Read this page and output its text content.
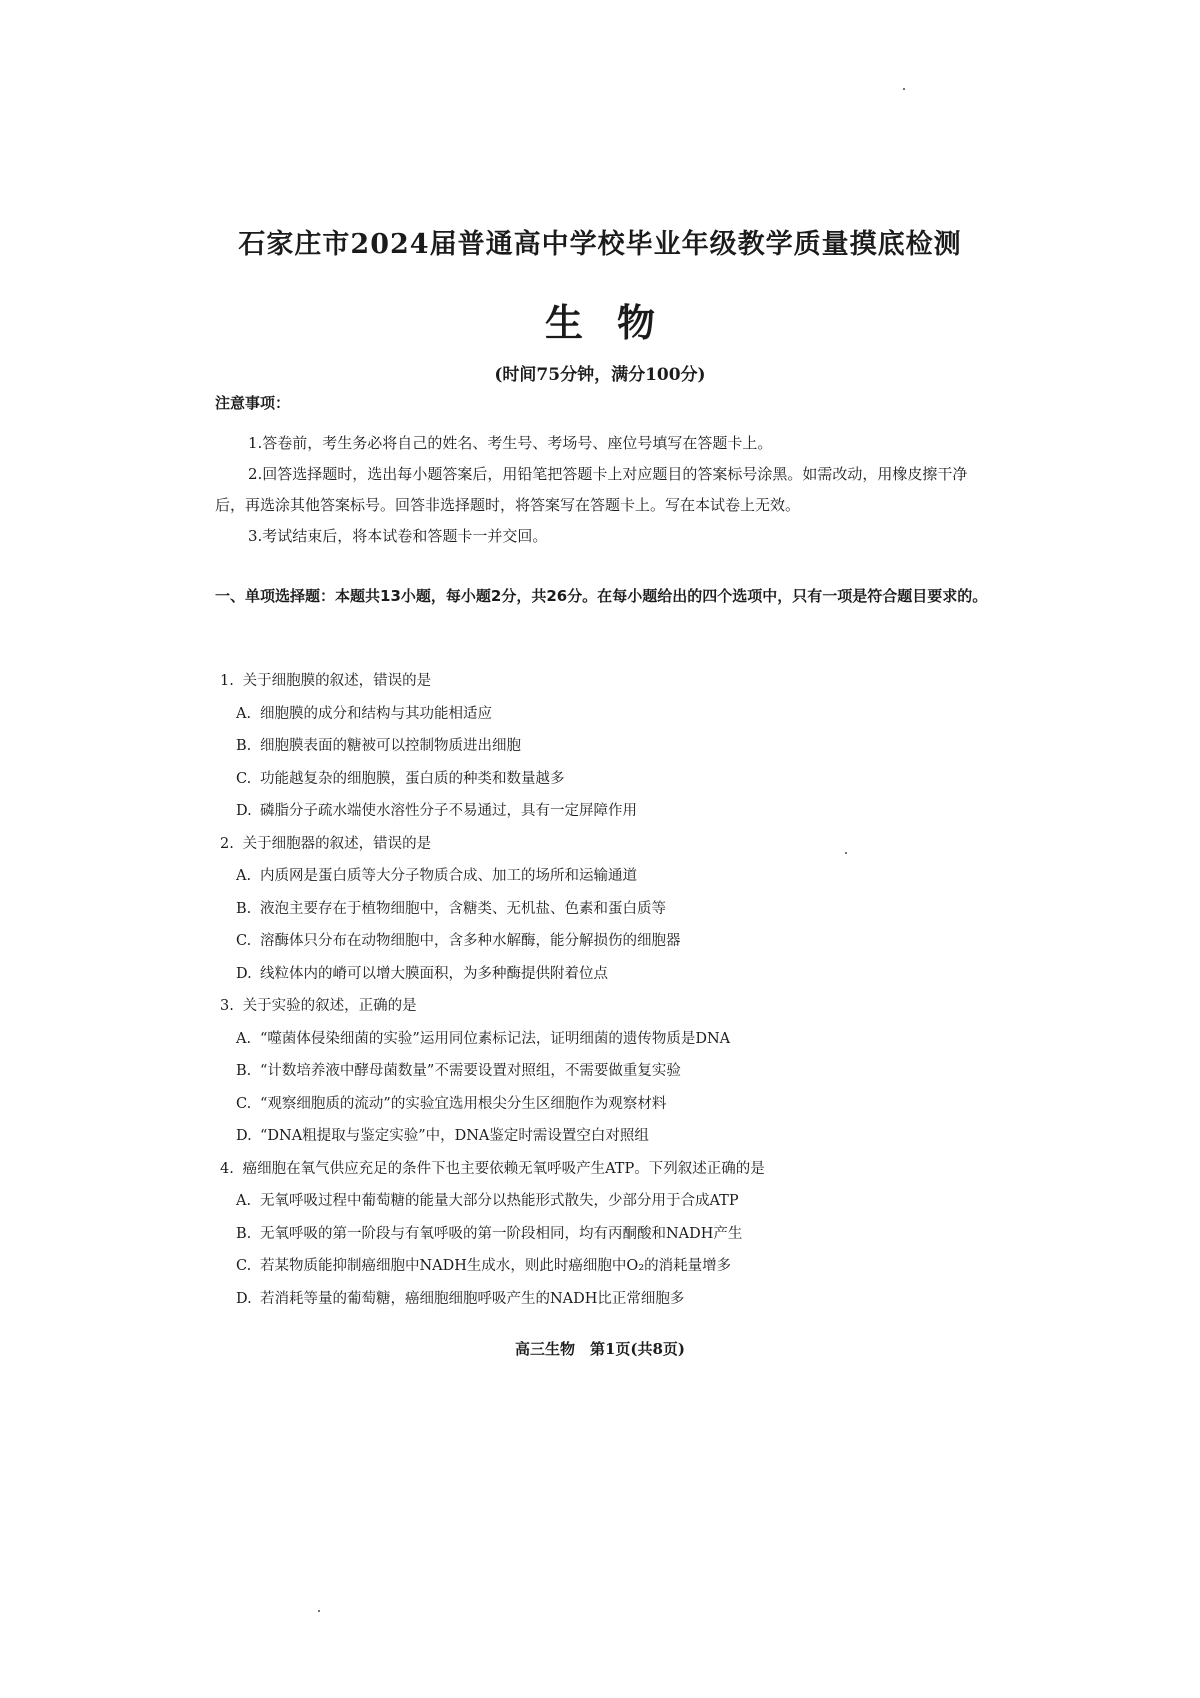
石家庄市2024届普通高中学校毕业年级教学质量摸底检测
生物
(时间75分钟，满分100分)
注意事项：
1.答卷前，考生务必将自己的姓名、考生号、考场号、座位号填写在答题卡上。
2.回答选择题时，选出每小题答案后，用铅笔把答题卡上对应题目的答案标号涂黑。如需改动，用橡皮擦干净后，再选涂其他答案标号。回答非选择题时，将答案写在答题卡上。写在本试卷上无效。
3.考试结束后，将本试卷和答题卡一并交回。
一、单项选择题：本题共13小题，每小题2分，共26分。在每小题给出的四个选项中，只有一项是符合题目要求的。
1. 关于细胞膜的叙述，错误的是
A. 细胞膜的成分和结构与其功能相适应
B. 细胞膜表面的糖被可以控制物质进出细胞
C. 功能越复杂的细胞膜，蛋白质的种类和数量越多
D. 磷脂分子疏水端使水溶性分子不易通过，具有一定屏障作用
2. 关于细胞器的叙述，错误的是
A. 内质网是蛋白质等大分子物质合成、加工的场所和运输通道
B. 液泡主要存在于植物细胞中，含糖类、无机盐、色素和蛋白质等
C. 溶酶体只分布在动物细胞中，含多种水解酶，能分解损伤的细胞器
D. 线粒体内的嵴可以增大膜面积，为多种酶提供附着位点
3. 关于实验的叙述，正确的是
A. “噬菌体侵染细菌的实验”运用同位素标记法，证明细菌的遗传物质是DNA
B. “计数培养液中酵母菌数量”不需要设置对照组，不需要做重复实验
C. “观察细胞质的流动”的实验宜选用根尖分生区细胞作为观察材料
D. “DNA粗提取与鉴定实验”中，DNA鉴定时需设置空白对照组
4. 癌细胞在氧气供应充足的条件下也主要依赖无氧呼吸产生ATP。下列叙述正确的是
A. 无氧呼吸过程中葡萄糖的能量大部分以热能形式散失，少部分用于合成ATP
B. 无氧呼吸的第一阶段与有氧呼吸的第一阶段相同，均有丙酮酸和NADH产生
C. 若某物质能抑制癌细胞中NADH生成水，则此时癌细胞中O₂的消耗量增多
D. 若消耗等量的葡萄糖，癌细胞细胞呼吸产生的NADH比正常细胞多
高三生物　第1页(共8页)
